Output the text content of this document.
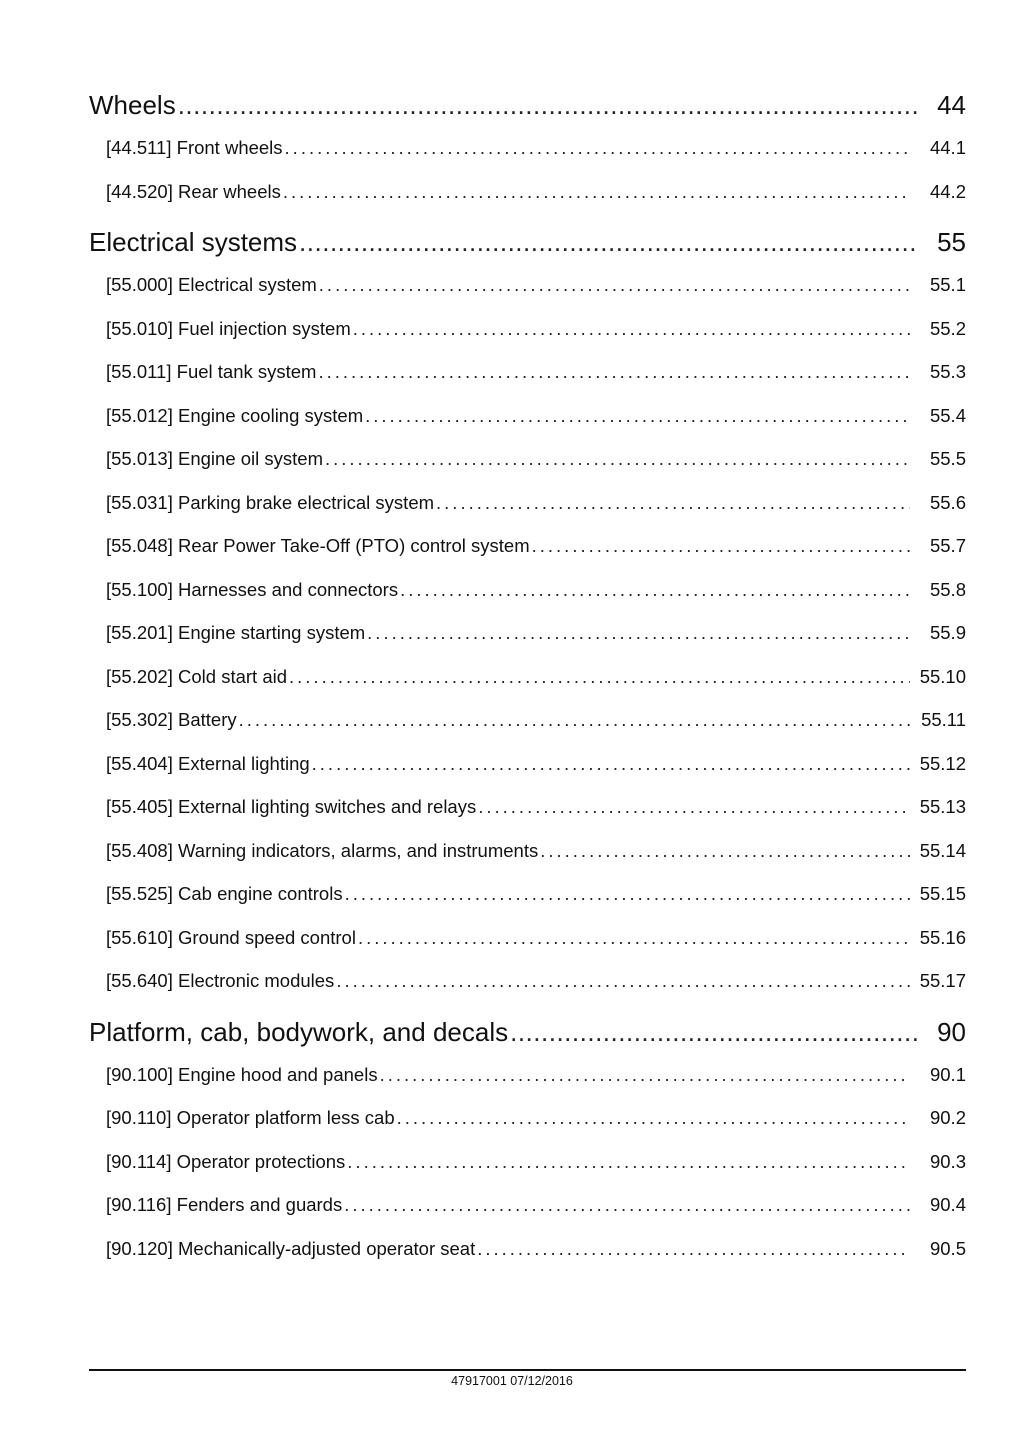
Wheels .....	44
[44.511] Front wheels .....	44.1
[44.520] Rear wheels .....	44.2
Electrical systems .....	55
[55.000] Electrical system .....	55.1
[55.010] Fuel injection system .....	55.2
[55.011] Fuel tank system .....	55.3
[55.012] Engine cooling system .....	55.4
[55.013] Engine oil system .....	55.5
[55.031] Parking brake electrical system .....	55.6
[55.048] Rear Power Take-Off (PTO) control system .....	55.7
[55.100] Harnesses and connectors .....	55.8
[55.201] Engine starting system .....	55.9
[55.202] Cold start aid .....	55.10
[55.302] Battery .....	55.11
[55.404] External lighting .....	55.12
[55.405] External lighting switches and relays .....	55.13
[55.408] Warning indicators, alarms, and instruments .....	55.14
[55.525] Cab engine controls .....	55.15
[55.610] Ground speed control .....	55.16
[55.640] Electronic modules .....	55.17
Platform, cab, bodywork, and decals .....	90
[90.100] Engine hood and panels .....	90.1
[90.110] Operator platform less cab .....	90.2
[90.114] Operator protections .....	90.3
[90.116] Fenders and guards .....	90.4
[90.120] Mechanically-adjusted operator seat .....	90.5
47917001 07/12/2016
